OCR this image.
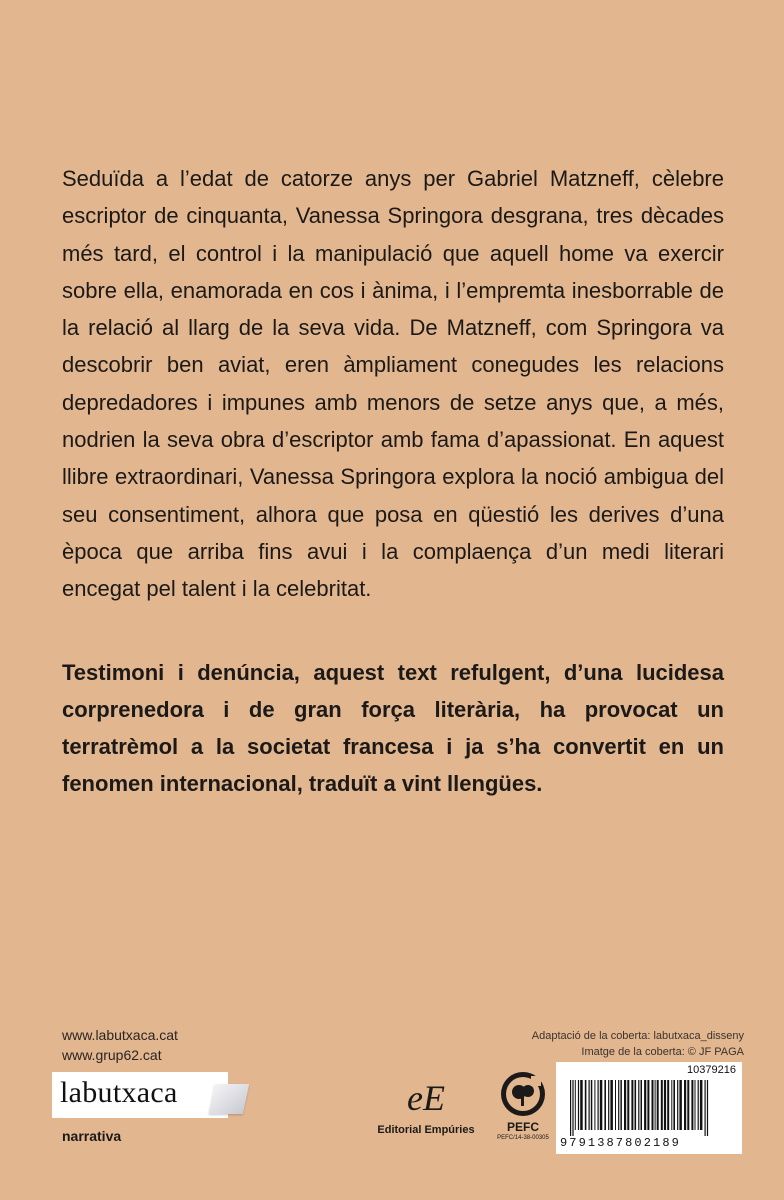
Seduïda a l’edat de catorze anys per Gabriel Matzneff, cèlebre escriptor de cinquanta, Vanessa Springora desgrana, tres dècades més tard, el control i la manipulació que aquell home va exercir sobre ella, enamorada en cos i ànima, i l’empremta inesborrable de la relació al llarg de la seva vida. De Matzneff, com Springora va descobrir ben aviat, eren àmpliament conegudes les relacions depredadores i impunes amb menors de setze anys que, a més, nodrien la seva obra d’escriptor amb fama d’apassionat. En aquest llibre extraordinari, Vanessa Springora explora la noció ambigua del seu consentiment, alhora que posa en qüestió les derives d’una època que arriba fins avui i la complaença d’un medi literari encegat pel talent i la celebritat.

Testimoni i denúncia, aquest text refulgent, d’una lucidesa corprenedora i de gran força literària, ha provocat un terratrèmol a la societat francesa i ja s’ha convertit en un fenomen internacional, traduït a vint llengües.

www.labutxaca.cat
www.grup62.cat
labutxaca
narrativa
eE
Editorial Empúries	PEFC
PEFC/14-38-00305
Adaptació de la coberta: labutxaca_disseny
Imatge de la coberta: © JF PAGA
10379216
9791387802189
